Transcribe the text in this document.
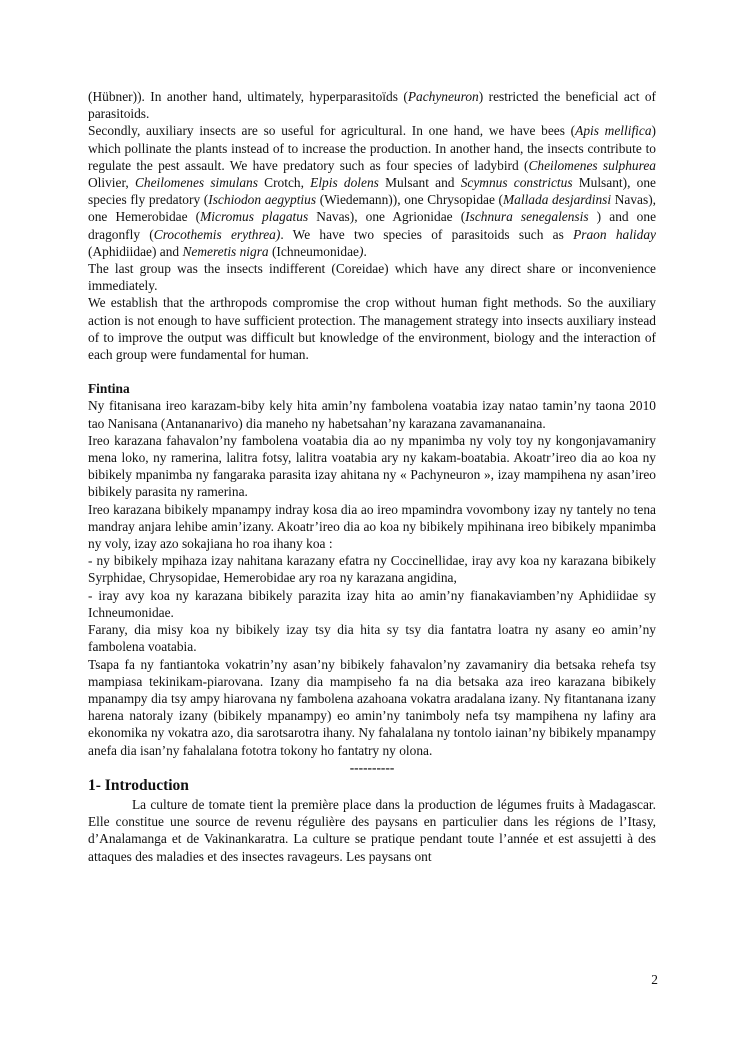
(Hübner)). In another hand, ultimately, hyperparasitoïds (Pachyneuron) restricted the beneficial act of parasitoids.

Secondly, auxiliary insects are so useful for agricultural. In one hand, we have bees (Apis mellifica) which pollinate the plants instead of to increase the production. In another hand, the insects contribute to regulate the pest assault. We have predatory such as four species of ladybird (Cheilomenes sulphurea Olivier, Cheilomenes simulans Crotch, Elpis dolens Mulsant and Scymnus constrictus Mulsant), one species fly predatory (Ischiodon aegyptius (Wiedemann)), one Chrysopidae (Mallada desjardinsi Navas), one Hemerobidae (Micromus plagatus Navas), one Agrionidae (Ischnura senegalensis ) and one dragonfly (Crocothemis erythrea). We have two species of parasitoids such as Praon haliday (Aphidiidae) and Nemeretis nigra (Ichneumonidae).

The last group was the insects indifferent (Coreidae) which have any direct share or inconvenience immediately.

We establish that the arthropods compromise the crop without human fight methods. So the auxiliary action is not enough to have sufficient protection. The management strategy into insects auxiliary instead of to improve the output was difficult but knowledge of the environment, biology and the interaction of each group were fundamental for human.

Fintina

Ny fitanisana ireo karazam-biby kely hita amin’ny fambolena voatabia izay natao tamin’ny taona 2010 tao Nanisana (Antananarivo) dia maneho ny habetsahan’ny karazana zavamananaina.

Ireo karazana fahavalon’ny fambolena voatabia dia ao ny mpanimba ny voly toy ny kongonjavamaniry mena loko, ny ramerina, lalitra fotsy, lalitra voatabia ary ny kakam-boatabia. Akoatr’ireo dia ao koa ny bibikely mpanimba ny fangaraka parasita izay ahitana ny « Pachyneuron », izay mampihena ny asan’ireo bibikely parasita ny ramerina.

Ireo karazana bibikely mpanampy indray kosa dia ao ireo mpamindra vovombony izay ny tantely no tena mandray anjara lehibe amin’izany. Akoatr’ireo dia ao koa ny bibikely mpihinana ireo bibikely mpanimba ny voly, izay azo sokajiana ho roa ihany koa :

- ny bibikely mpihaza izay nahitana karazany efatra ny Coccinellidae, iray avy koa ny karazana bibikely Syrphidae, Chrysopidae, Hemerobidae ary roa ny karazana angidina,

- iray avy koa ny karazana bibikely parazita izay hita ao amin’ny fianakaviamben’ny Aphidiidae sy Ichneumonidae.

Farany, dia misy koa ny bibikely izay tsy dia hita sy tsy dia fantatra loatra ny asany eo amin’ny fambolena voatabia.

Tsapa fa ny fantiantoka vokatrin’ny asan’ny bibikely fahavalon’ny zavamaniry dia betsaka rehefa tsy mampiasa tekinikam-piarovana. Izany dia mampiseho fa na dia betsaka aza ireo karazana bibikely mpanampy dia tsy ampy hiarovana ny fambolena azahoana vokatra aradalana izany. Ny fitantanana izany harena natoraly izany (bibikely mpanampy) eo amin’ny tanimboly nefa tsy mampihena ny lafiny ara ekonomika ny vokatra azo, dia sarotsarotra ihany. Ny fahalalana ny tontolo iainan’ny bibikely mpanampy anefa dia isan’ny fahalalana fototra tokony ho fantatry ny olona.

----------

1- Introduction

La culture de tomate tient la première place dans la production de légumes fruits à Madagascar. Elle constitue une source de revenu régulière des paysans en particulier dans les régions de l’Itasy, d’Analamanga et de Vakinankaratra. La culture se pratique pendant toute l’année et est assujetti à des attaques des maladies et des insectes ravageurs. Les paysans ont

2
